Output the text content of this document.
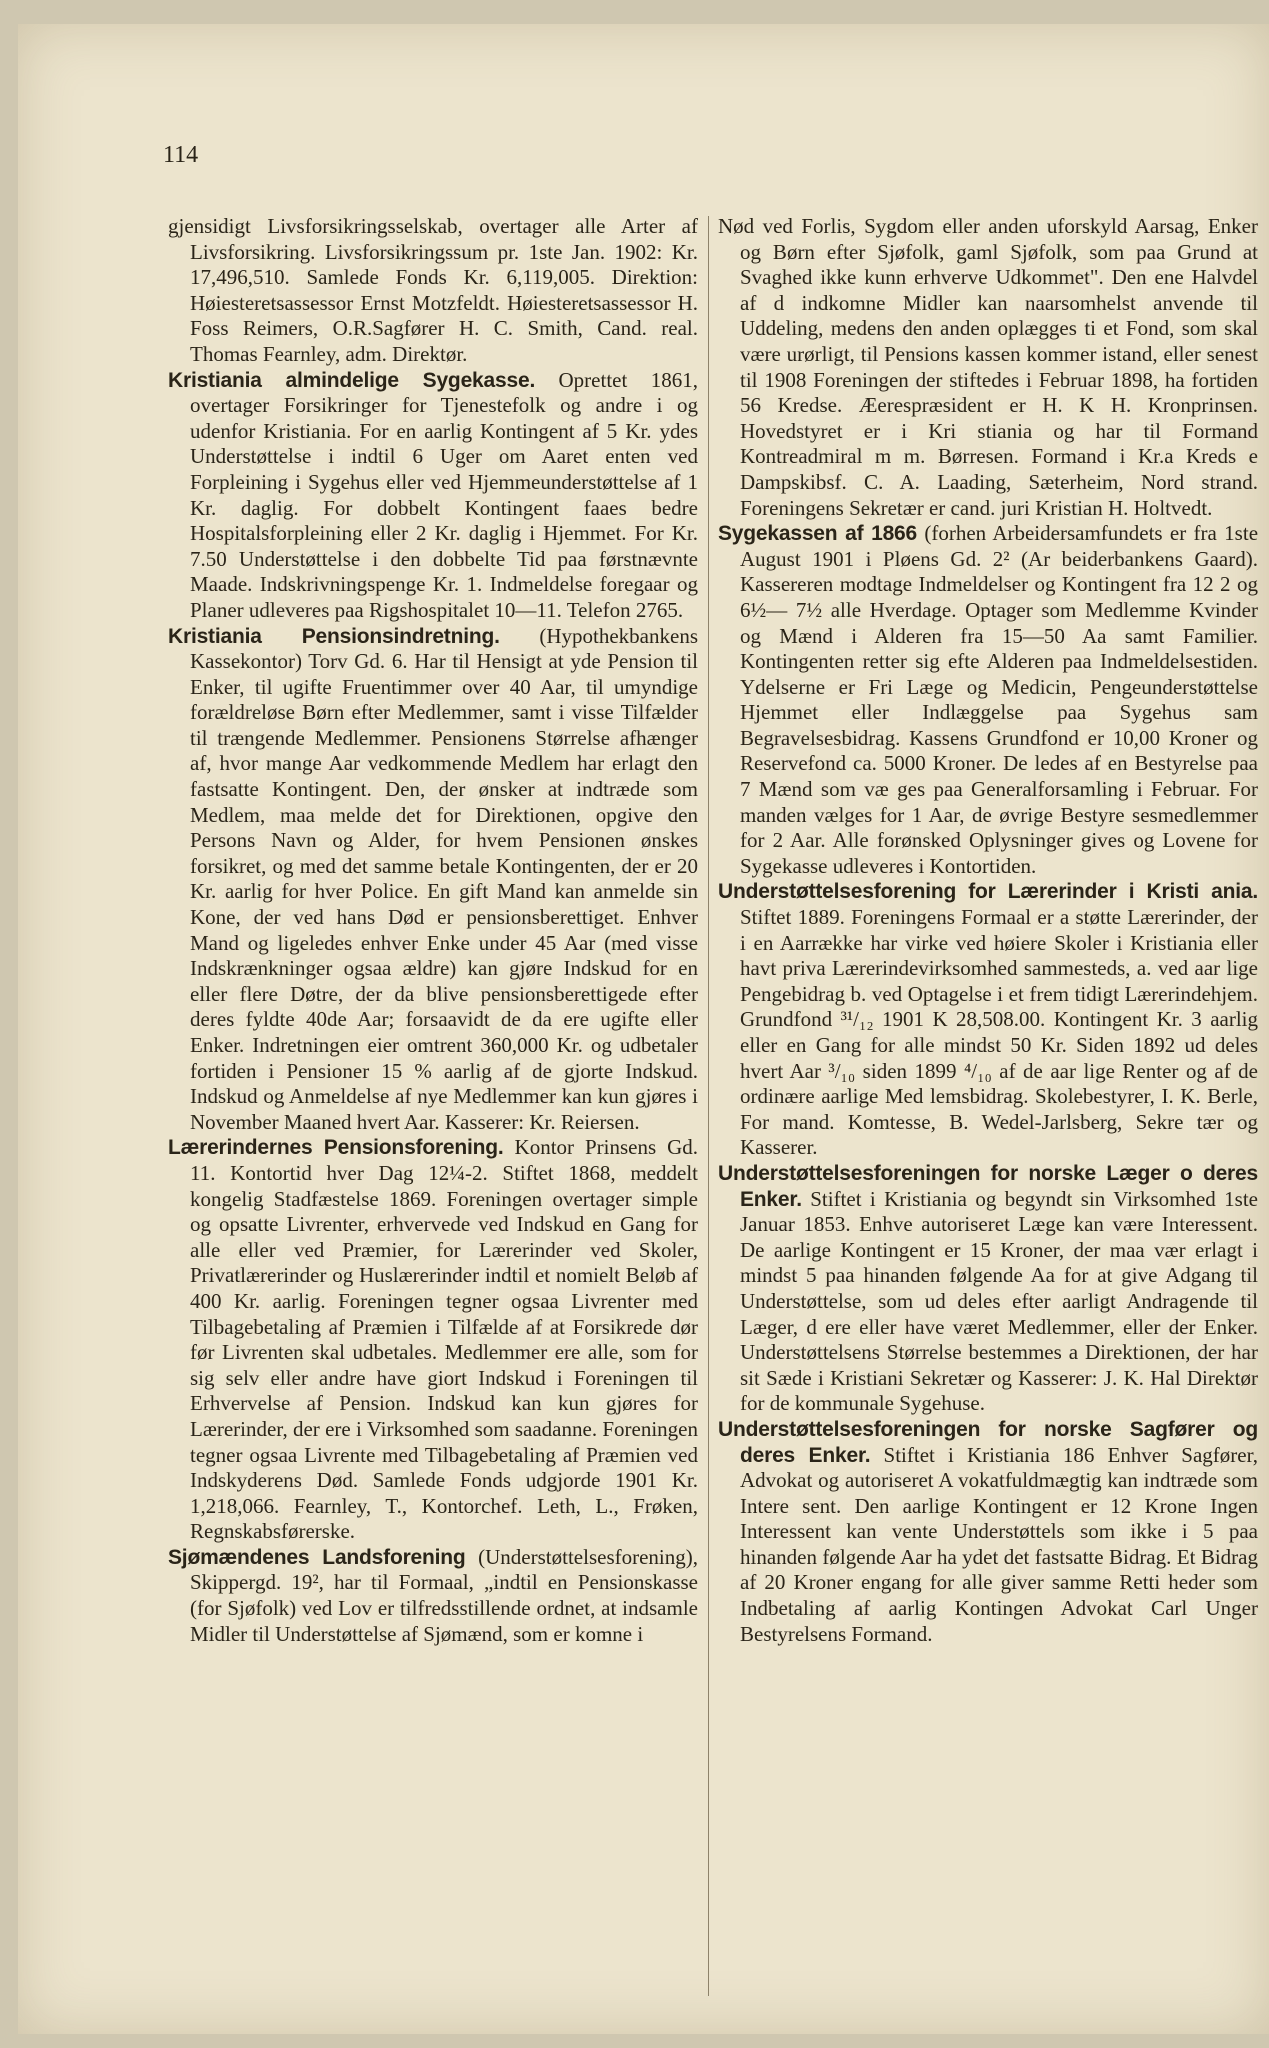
114

gjensidigt Livsforsikringsselskab, overtager alle Arter af Livsforsikring. Livsforsikringssum pr. 1ste Jan. 1902: Kr. 17,496,510. Samlede Fonds Kr. 6,119,005. Direktion: Høiesteretsassessor Ernst Motzfeldt. Høiesteretsassessor H. Foss Reimers, O.R.Sagfører H. C. Smith, Cand. real. Thomas Fearnley, adm. Direktør.

Kristiania almindelige Sygekasse. Oprettet 1861, overtager Forsikringer for Tjenestefolk og andre i og udenfor Kristiania. For en aarlig Kontingent af 5 Kr. ydes Understøttelse i indtil 6 Uger om Aaret enten ved Forpleining i Sygehus eller ved Hjemmeunderstøttelse af 1 Kr. daglig. For dobbelt Kontingent faaes bedre Hospitalsforpleining eller 2 Kr. daglig i Hjemmet. For Kr. 7.50 Understøttelse i den dobbelte Tid paa førstnævnte Maade. Indskrivningspenge Kr. 1. Indmeldelse foregaar og Planer udleveres paa Rigshospitalet 10—11. Telefon 2765.

Kristiania Pensionsindretning. (Hypothekbankens Kassekontor) Torv Gd. 6. Har til Hensigt at yde Pension til Enker, til ugifte Fruentimmer over 40 Aar, til umyndige forældreløse Børn efter Medlemmer, samt i visse Tilfælder til trængende Medlemmer. Pensionens Størrelse afhænger af, hvor mange Aar vedkommende Medlem har erlagt den fastsatte Kontingent. Den, der ønsker at indtræde som Medlem, maa melde det for Direktionen, opgive den Persons Navn og Alder, for hvem Pensionen ønskes forsikret, og med det samme betale Kontingenten, der er 20 Kr. aarlig for hver Police. En gift Mand kan anmelde sin Kone, der ved hans Død er pensionsberettiget. Enhver Mand og ligeledes enhver Enke under 45 Aar (med visse Indskrænkninger ogsaa ældre) kan gjøre Indskud for en eller flere Døtre, der da blive pensionsberettigede efter deres fyldte 40de Aar; forsaavidt de da ere ugifte eller Enker. Indretningen eier omtrent 360,000 Kr. og udbetaler fortiden i Pensioner 15 % aarlig af de gjorte Indskud. Indskud og Anmeldelse af nye Medlemmer kan kun gjøres i November Maaned hvert Aar. Kasserer: Kr. Reiersen.

Lærerindernes Pensionsforening. Kontor Prinsens Gd. 11. Kontortid hver Dag 12¼-2. Stiftet 1868, meddelt kongelig Stadfæstelse 1869. Foreningen overtager simple og opsatte Livrenter, erhvervede ved Indskud en Gang for alle eller ved Præmier, for Lærerinder ved Skoler, Privatlærerinder og Huslærerinder indtil et nomielt Beløb af 400 Kr. aarlig. Foreningen tegner ogsaa Livrenter med Tilbagebetaling af Præmien i Tilfælde af at Forsikrede dør før Livrenten skal udbetales. Medlemmer ere alle, som for sig selv eller andre have giort Indskud i Foreningen til Erhvervelse af Pension. Indskud kan kun gjøres for Lærerinder, der ere i Virksomhed som saadanne. Foreningen tegner ogsaa Livrente med Tilbagebetaling af Præmien ved Indskyderens Død. Samlede Fonds udgjorde 1901 Kr. 1,218,066. Fearnley, T., Kontorchef. Leth, L., Frøken, Regnskabsførerske.

Sjømændenes Landsforening (Understøttelsesforening), Skippergd. 19², har til Formaal, „indtil en Pensionskasse (for Sjøfolk) ved Lov er tilfredsstillende ordnet, at indsamle Midler til Understøttelse af Sjømænd, som er komne i

Nød ved Forlis, Sygdom eller anden uforskyld Aarsag, Enker og Børn efter Sjøfolk, gaml Sjøfolk, som paa Grund at Svaghed ikke kunn erhverve Udkommet". Den ene Halvdel af d indkomne Midler kan naarsomhelst anvende til Uddeling, medens den anden oplægges ti et Fond, som skal være urørligt, til Pensions kassen kommer istand, eller senest til 1908 Foreningen der stiftedes i Februar 1898, ha fortiden 56 Kredse. Æerespræsident er H. K H. Kronprinsen. Hovedstyret er i Kri stiania og har til Formand Kontreadmiral m m. Børresen. Formand i Kr.a Kreds e Dampskibsf. C. A. Laading, Sæterheim, Nord strand. Foreningens Sekretær er cand. juri Kristian H. Holtvedt.

Sygekassen af 1866 (forhen Arbeidersamfundets er fra 1ste August 1901 i Pløens Gd. 2² (Ar beiderbankens Gaard). Kassereren modtage Indmeldelser og Kontingent fra 12 2 og 6½— 7½ alle Hverdage. Optager som Medlemme Kvinder og Mænd i Alderen fra 15—50 Aa samt Familier. Kontingenten retter sig efte Alderen paa Indmeldelsestiden. Ydelserne er Fri Læge og Medicin, Pengeunderstøttelse Hjemmet eller Indlæggelse paa Sygehus sam Begravelsesbidrag. Kassens Grundfond er 10,00 Kroner og Reservefond ca. 5000 Kroner. De ledes af en Bestyrelse paa 7 Mænd som væ ges paa Generalforsamling i Februar. For manden vælges for 1 Aar, de øvrige Bestyre sesmedlemmer for 2 Aar. Alle forønsked Oplysninger gives og Lovene for Sygekasse udleveres i Kontortiden.

Understøttelsesforening for Lærerinder i Kristi ania. Stiftet 1889. Foreningens Formaal er a støtte Lærerinder, der i en Aarrække har virke ved høiere Skoler i Kristiania eller havt priva Lærerindevirksomhed sammesteds, a. ved aar lige Pengebidrag b. ved Optagelse i et frem tidigt Lærerindehjem. Grundfond ³¹/₁₂ 1901 K 28,508.00. Kontingent Kr. 3 aarlig eller en Gang for alle mindst 50 Kr. Siden 1892 ud deles hvert Aar ³/₁₀ siden 1899 ⁴/₁₀ af de aar lige Renter og af de ordinære aarlige Med lemsbidrag. Skolebestyrer, I. K. Berle, For mand. Komtesse, B. Wedel-Jarlsberg, Sekre tær og Kasserer.

Understøttelsesforeningen for norske Læger o deres Enker. Stiftet i Kristiania og begyndt sin Virksomhed 1ste Januar 1853. Enhve autoriseret Læge kan være Interessent. De aarlige Kontingent er 15 Kroner, der maa vær erlagt i mindst 5 paa hinanden følgende Aa for at give Adgang til Understøttelse, som ud deles efter aarligt Andragende til Læger, d ere eller have været Medlemmer, eller der Enker. Understøttelsens Størrelse bestemmes a Direktionen, der har sit Sæde i Kristiani Sekretær og Kasserer: J. K. Hal Direktør for de kommunale Sygehuse.

Understøttelsesforeningen for norske Sagfører og deres Enker. Stiftet i Kristiania 186 Enhver Sagfører, Advokat og autoriseret A vokatfuldmægtig kan indtræde som Intere sent. Den aarlige Kontingent er 12 Krone Ingen Interessent kan vente Understøttels som ikke i 5 paa hinanden følgende Aar ha ydet det fastsatte Bidrag. Et Bidrag af 20 Kroner engang for alle giver samme Retti heder som Indbetaling af aarlig Kontingen Advokat Carl Unger Bestyrelsens Formand.
